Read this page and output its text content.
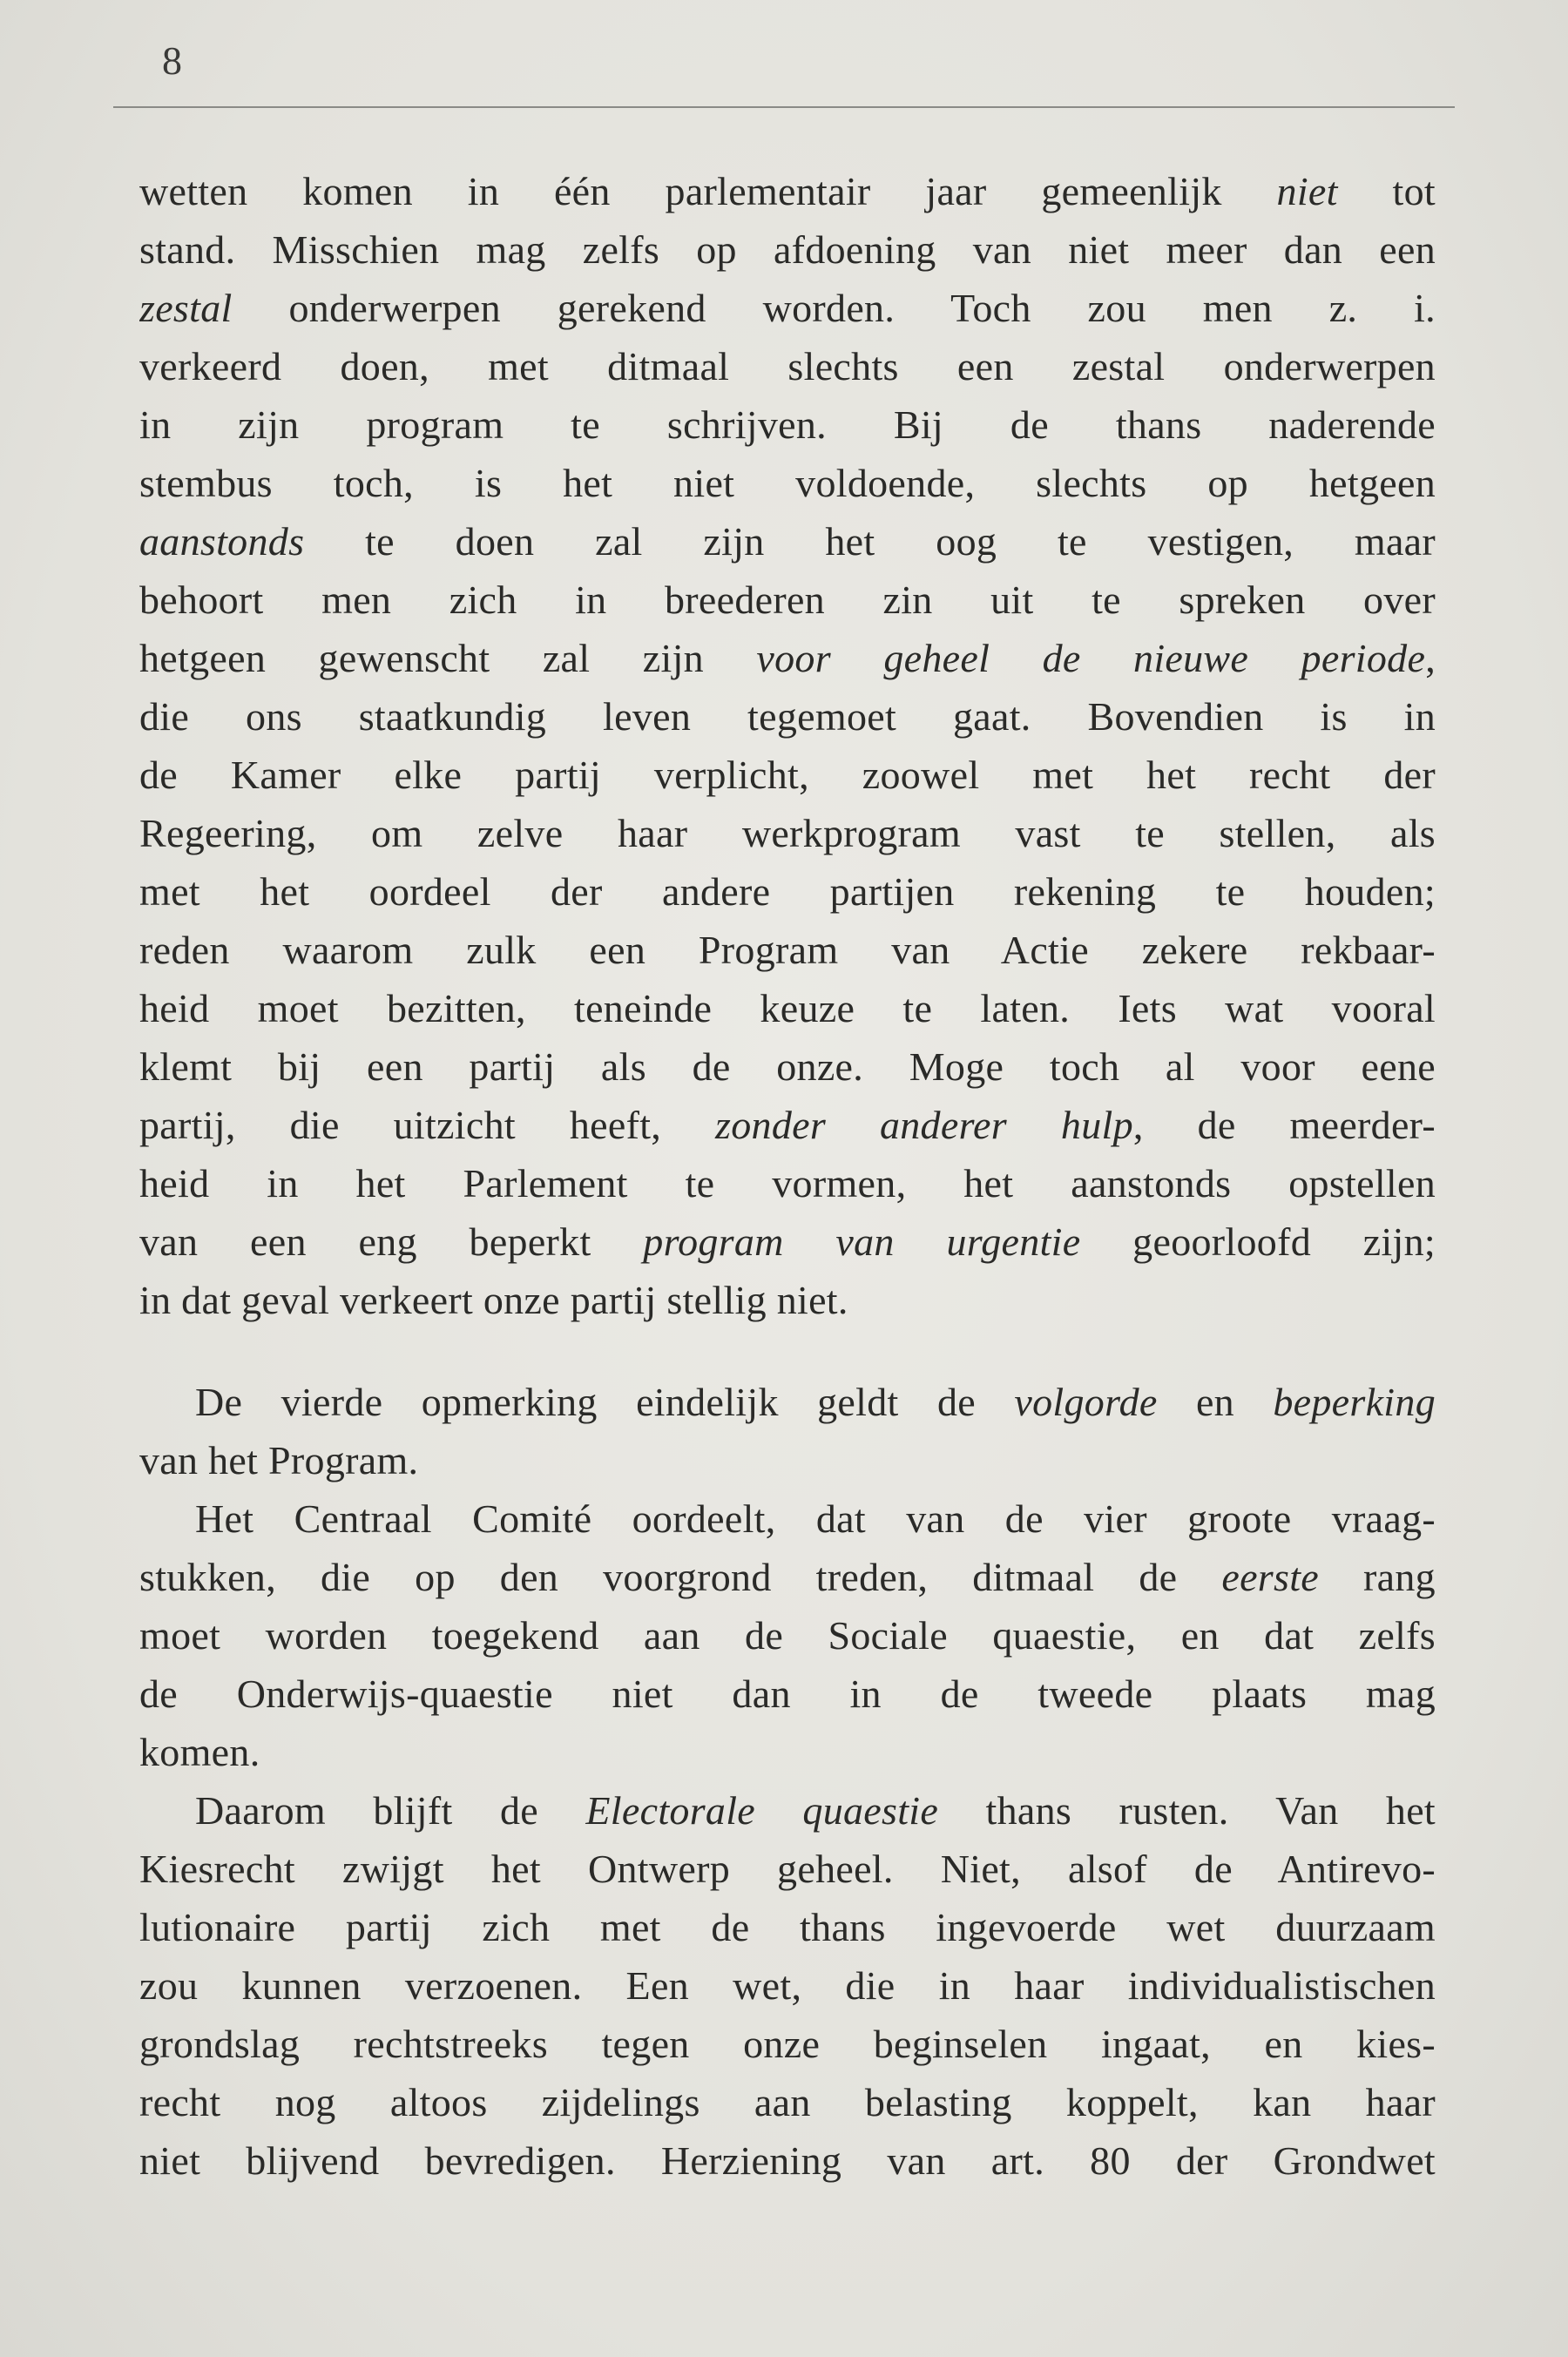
8
wetten komen in één parlementair jaar gemeenlijk niet tot
stand. Misschien mag zelfs op afdoening van niet meer dan een
zestal onderwerpen gerekend worden. Toch zou men z. i.
verkeerd doen, met ditmaal slechts een zestal onderwerpen
in zijn program te schrijven. Bij de thans naderende
stembus toch, is het niet voldoende, slechts op hetgeen
aanstonds te doen zal zijn het oog te vestigen, maar
behoort men zich in breederen zin uit te spreken over
hetgeen gewenscht zal zijn voor geheel de nieuwe periode,
die ons staatkundig leven tegemoet gaat. Bovendien is in
de Kamer elke partij verplicht, zoowel met het recht der
Regeering, om zelve haar werkprogram vast te stellen, als
met het oordeel der andere partijen rekening te houden;
reden waarom zulk een Program van Actie zekere rekbaar-
heid moet bezitten, teneinde keuze te laten. Iets wat vooral
klemt bij een partij als de onze. Moge toch al voor eene
partij, die uitzicht heeft, zonder anderer hulp, de meerder-
heid in het Parlement te vormen, het aanstonds opstellen
van een eng beperkt program van urgentie geoorloofd zijn;
in dat geval verkeert onze partij stellig niet.
De vierde opmerking eindelijk geldt de volgorde en beperking
van het Program.
Het Centraal Comité oordeelt, dat van de vier groote vraag-
stukken, die op den voorgrond treden, ditmaal de eerste rang
moet worden toegekend aan de Sociale quaestie, en dat zelfs
de Onderwijs-quaestie niet dan in de tweede plaats mag
komen.
Daarom blijft de Electorale quaestie thans rusten. Van het
Kiesrecht zwijgt het Ontwerp geheel. Niet, alsof de Antirevo-
lutionaire partij zich met de thans ingevoerde wet duurzaam
zou kunnen verzoenen. Een wet, die in haar individualistischen
grondslag rechtstreeks tegen onze beginselen ingaat, en kies-
recht nog altoos zijdelings aan belasting koppelt, kan haar
niet blijvend bevredigen. Herziening van art. 80 der Grondwet
